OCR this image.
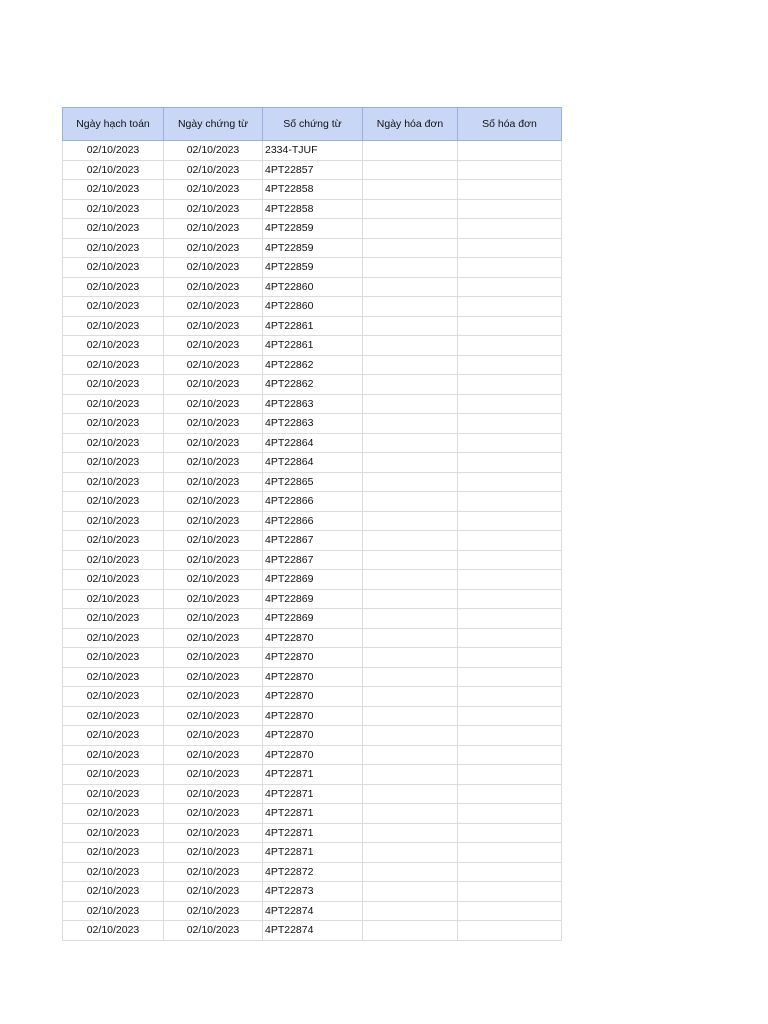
Ngày hạch toán	Ngày chứng từ	Số chứng từ	Ngày hóa đơn	Số hóa đơn
02/10/2023	02/10/2023	2334-TJUF		
02/10/2023	02/10/2023	4PT22857		
02/10/2023	02/10/2023	4PT22858		
02/10/2023	02/10/2023	4PT22858		
02/10/2023	02/10/2023	4PT22859		
02/10/2023	02/10/2023	4PT22859		
02/10/2023	02/10/2023	4PT22859		
02/10/2023	02/10/2023	4PT22860		
02/10/2023	02/10/2023	4PT22860		
02/10/2023	02/10/2023	4PT22861		
02/10/2023	02/10/2023	4PT22861		
02/10/2023	02/10/2023	4PT22862		
02/10/2023	02/10/2023	4PT22862		
02/10/2023	02/10/2023	4PT22863		
02/10/2023	02/10/2023	4PT22863		
02/10/2023	02/10/2023	4PT22864		
02/10/2023	02/10/2023	4PT22864		
02/10/2023	02/10/2023	4PT22865		
02/10/2023	02/10/2023	4PT22866		
02/10/2023	02/10/2023	4PT22866		
02/10/2023	02/10/2023	4PT22867		
02/10/2023	02/10/2023	4PT22867		
02/10/2023	02/10/2023	4PT22869		
02/10/2023	02/10/2023	4PT22869		
02/10/2023	02/10/2023	4PT22869		
02/10/2023	02/10/2023	4PT22870		
02/10/2023	02/10/2023	4PT22870		
02/10/2023	02/10/2023	4PT22870		
02/10/2023	02/10/2023	4PT22870		
02/10/2023	02/10/2023	4PT22870		
02/10/2023	02/10/2023	4PT22870		
02/10/2023	02/10/2023	4PT22870		
02/10/2023	02/10/2023	4PT22871		
02/10/2023	02/10/2023	4PT22871		
02/10/2023	02/10/2023	4PT22871		
02/10/2023	02/10/2023	4PT22871		
02/10/2023	02/10/2023	4PT22871		
02/10/2023	02/10/2023	4PT22872		
02/10/2023	02/10/2023	4PT22873		
02/10/2023	02/10/2023	4PT22874		
02/10/2023	02/10/2023	4PT22874		
